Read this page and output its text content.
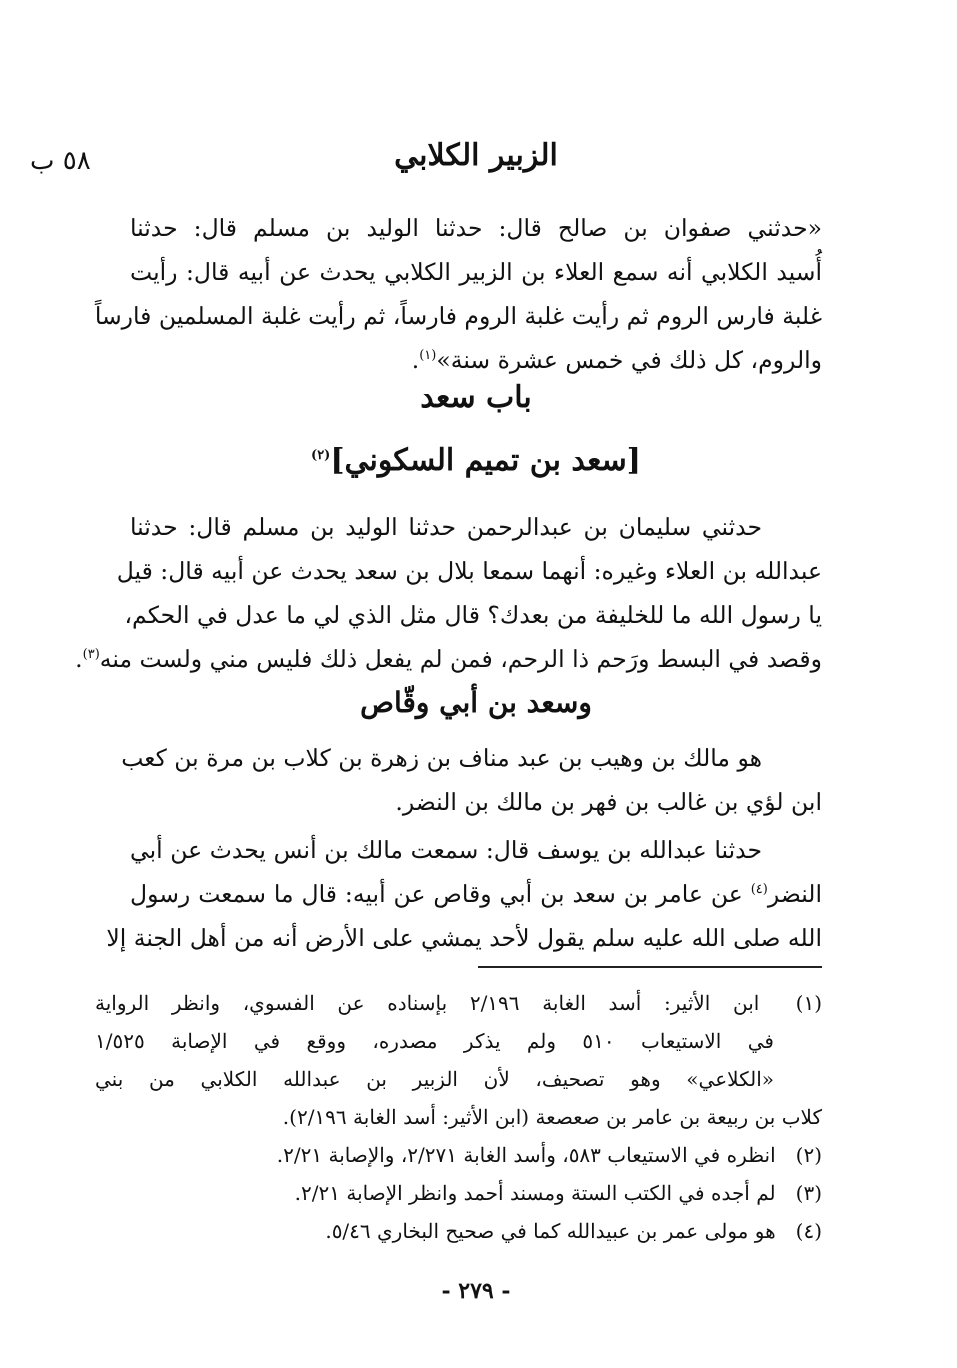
٥٨ ب	الزبير الكلابي
«حدثني صفوان بن صالح قال: حدثنا الوليد بن مسلم قال: حدثنا
أُسيد الكلابي أنه سمع العلاء بن الزبير الكلابي يحدث عن أبيه قال: رأيت
غلبة فارس الروم ثم رأيت غلبة الروم فارساً، ثم رأيت غلبة المسلمين فارساً
والروم، كل ذلك في خمس عشرة سنة»$^{(١)}$.
باب سعد
[سعد بن تميم السكوني]$^{(٢)}$
حدثني سليمان بن عبدالرحمن حدثنا الوليد بن مسلم قال: حدثنا
عبدالله بن العلاء وغيره: أنهما سمعا بلال بن سعد يحدث عن أبيه قال: قيل
يا رسول الله ما للخليفة من بعدك؟ قال مثل الذي لي ما عدل في الحكم،
وقصد في البسط ورَحم ذا الرحم، فمن لم يفعل ذلك فليس مني ولست منه$^{(٣)}$.
وسعد بن أبي وقّاص
هو مالك بن وهيب بن عبد مناف بن زهرة بن كلاب بن مرة بن كعب
ابن لؤي بن غالب بن فهر بن مالك بن النضر.
حدثنا عبدالله بن يوسف قال: سمعت مالك بن أنس يحدث عن أبي
النضر$^{(٤)}$ عن عامر بن سعد بن أبي وقاص عن أبيه: قال ما سمعت رسول
الله صلى الله عليه سلم يقول لأحد يمشي على الأرض أنه من أهل الجنة إلا
(١) ابن الأثير: أسد الغابة ٢/١٩٦ بإسناده عن الفسوي، وانظر الرواية
في الاستيعاب ٥١٠ ولم يذكر مصدره، ووقع في الإصابة ١/٥٢٥
«الكلاعي» وهو تصحيف، لأن الزبير بن عبدالله الكلابي من بني
كلاب بن ربيعة بن عامر بن صعصعة (ابن الأثير: أسد الغابة ٢/١٩٦).
(٢) انظره في الاستيعاب ٥٨٣، وأسد الغابة ٢/٢٧١، والإصابة ٢/٢١.
(٣) لم أجده في الكتب الستة ومسند أحمد وانظر الإصابة ٢/٢١.
(٤) هو مولى عمر بن عبيدالله كما في صحيح البخاري ٥/٤٦.
- ٢٧٩ -
